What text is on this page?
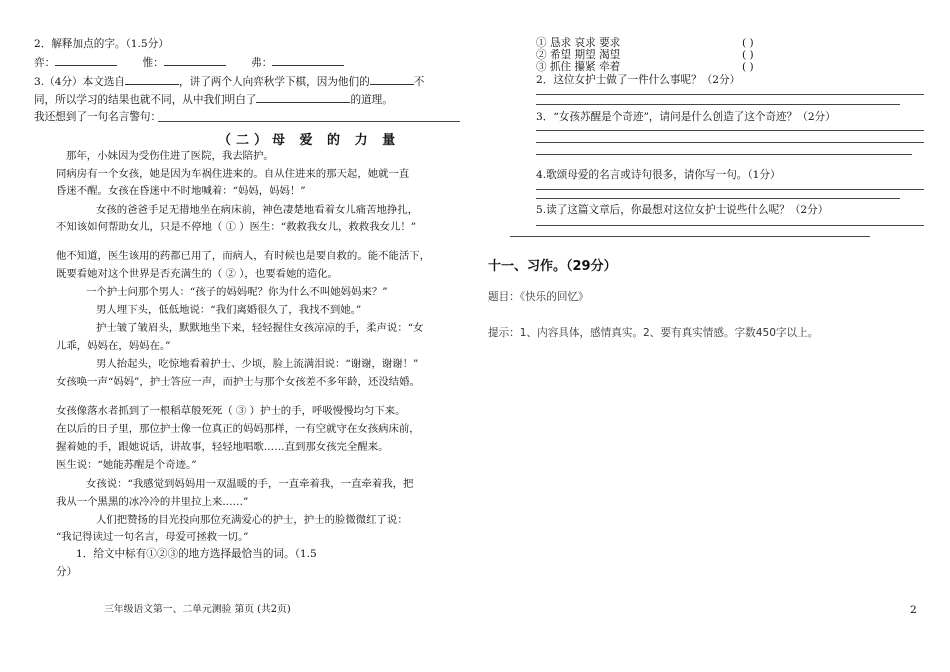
2．解释加点的字。（1.5分）
弈：	惟：	弗：
3.（4分）本文选自	，讲了两个人向弈秋学下棋，因为他们的	不
同，所以学习的结果也就不同，从中我们明白了	的道理。
我还想到了一句名言警句：
（二）母 爱 的 力 量
那年，小妹因为受伤住进了医院，我去陪护。
同病房有一个女孩，她是因为车祸住进来的。自从住进来的那天起，她就一直
昏迷不醒。女孩在昏迷中不时地喊着：“妈妈，妈妈！”
女孩的爸爸手足无措地坐在病床前，神色凄楚地看着女儿痛苦地挣扎，
不知该如何帮助女儿，只是不停地（ ① ）医生：“救救我女儿，救救我女儿！”
他不知道，医生该用的药都已用了，而病人，有时候也是要自救的。能不能活下，
既要看她对这个世界是否充满生的（ ② ），也要看她的造化。
一个护士问那个男人：“孩子的妈妈呢？你为什么不叫她妈妈来？”
男人埋下头，低低地说：“我们离婚很久了，我找不到她。”
护士皱了皱眉头，默默地坐下来，轻轻握住女孩凉凉的手，柔声说：“女
儿乖，妈妈在，妈妈在。”
男人抬起头，吃惊地看着护士、少顷，脸上流满泪说：“谢谢，谢谢！”
女孩唤一声“妈妈”，护士答应一声，而护士与那个女孩差不多年龄，还没结婚。
女孩像落水者抓到了一根稻草般死死（ ③ ）护士的手，呼吸慢慢均匀下来。
在以后的日子里，那位护士像一位真正的妈妈那样，一有空就守在女孩病床前，
握着她的手，跟她说话，讲故事，轻轻地唱歌……直到那女孩完全醒来。
医生说：“她能苏醒是个奇迹。”
女孩说：“我感觉到妈妈用一双温暖的手，一直牵着我，一直牵着我，把
我从一个黑黑的冰冷冷的井里拉上来……”
人们把赞扬的目光投向那位充满爱心的护士，护士的脸微微红了说：
“我记得读过一句名言，母爱可拯救一切。”
1．给文中标有①②③的地方选择最恰当的词。（1.5
分）
三年级语文第一、二单元测验 第页 (共2页)
① 恳求 哀求 要求	( )
② 希望 期望 渴望	( )
③ 抓住 攥紧 牵着	( )
2．这位女护士做了一件什么事呢？（2分）
3．“女孩苏醒是个奇迹”，请问是什么创造了这个奇迹？（2分）
4.歌颂母爱的名言或诗句很多，请你写一句。（1分）
5.读了这篇文章后，你最想对这位女护士说些什么呢？（2分）
十一、习作。（29分）
题目：《快乐的回忆》
提示：1、内容具体，感情真实。2、要有真实情感。字数450字以上。
2
